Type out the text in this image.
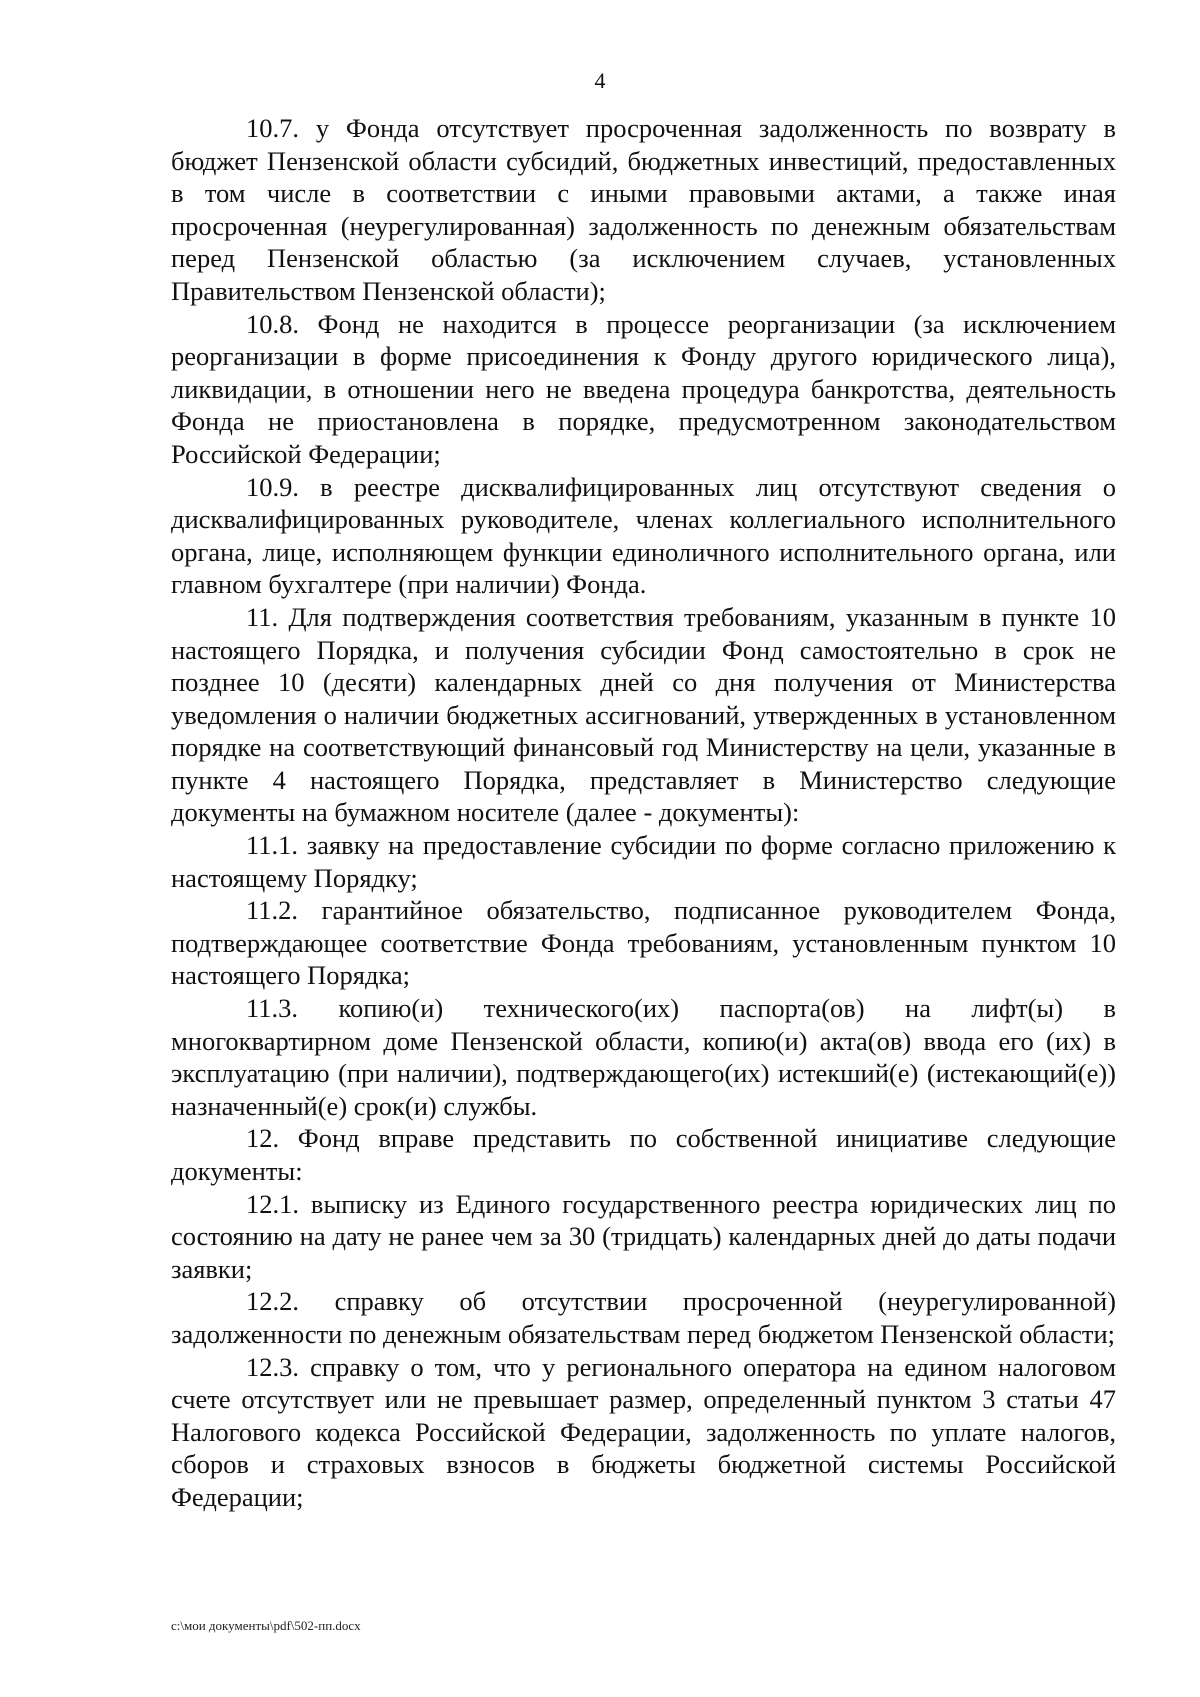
4

10.7. у Фонда отсутствует просроченная задолженность по возврату в бюджет Пензенской области субсидий, бюджетных инвестиций, предоставленных в том числе в соответствии с иными правовыми актами, а также иная просроченная (неурегулированная) задолженность по денежным обязательствам перед Пензенской областью (за исключением случаев, установленных Правительством Пензенской области);

10.8. Фонд не находится в процессе реорганизации (за исключением реорганизации в форме присоединения к Фонду другого юридического лица), ликвидации, в отношении него не введена процедура банкротства, деятельность Фонда не приостановлена в порядке, предусмотренном законодательством Российской Федерации;

10.9. в реестре дисквалифицированных лиц отсутствуют сведения о дисквалифицированных руководителе, членах коллегиального исполнительного органа, лице, исполняющем функции единоличного исполнительного органа, или главном бухгалтере (при наличии) Фонда.

11. Для подтверждения соответствия требованиям, указанным в пункте 10 настоящего Порядка, и получения субсидии Фонд самостоятельно в срок не позднее 10 (десяти) календарных дней со дня получения от Министерства уведомления о наличии бюджетных ассигнований, утвержденных в установленном порядке на соответствующий финансовый год Министерству на цели, указанные в пункте 4 настоящего Порядка, представляет в Министерство следующие документы на бумажном носителе (далее - документы):

11.1. заявку на предоставление субсидии по форме согласно приложению к настоящему Порядку;

11.2. гарантийное обязательство, подписанное руководителем Фонда, подтверждающее соответствие Фонда требованиям, установленным пунктом 10 настоящего Порядка;

11.3. копию(и) технического(их) паспорта(ов) на лифт(ы) в многоквартирном доме Пензенской области, копию(и) акта(ов) ввода его (их) в эксплуатацию (при наличии), подтверждающего(их) истекший(е) (истекающий(е)) назначенный(е) срок(и) службы.

12. Фонд вправе представить по собственной инициативе следующие документы:

12.1. выписку из Единого государственного реестра юридических лиц по состоянию на дату не ранее чем за 30 (тридцать) календарных дней до даты подачи заявки;

12.2. справку об отсутствии просроченной (неурегулированной) задолженности по денежным обязательствам перед бюджетом Пензенской области;

12.3. справку о том, что у регионального оператора на едином налоговом счете отсутствует или не превышает размер, определенный пунктом 3 статьи 47 Налогового кодекса Российской Федерации, задолженность по уплате налогов, сборов и страховых взносов в бюджеты бюджетной системы Российской Федерации;

c:\мои документы\pdf\502-пп.docx
